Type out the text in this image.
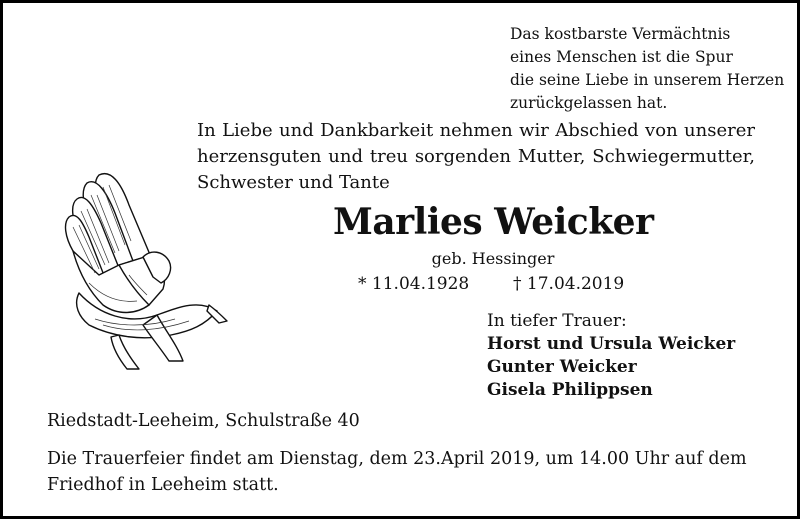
Das kostbarste Vermächtnis
eines Menschen ist die Spur
die seine Liebe in unserem Herzen
zurückgelassen hat.
In Liebe und Dankbarkeit nehmen wir Abschied von unserer
herzensguten und treu sorgenden Mutter, Schwiegermutter,
Schwester und Tante
Marlies Weicker
geb. Hessinger
* 11.04.1928	† 17.04.2019
In tiefer Trauer:
Horst und Ursula Weicker
Gunter Weicker
Gisela Philippsen
Riedstadt-Leeheim, Schulstraße 40
Die Trauerfeier findet am Dienstag, dem 23.April 2019, um 14.00 Uhr auf dem
Friedhof in Leeheim statt.
